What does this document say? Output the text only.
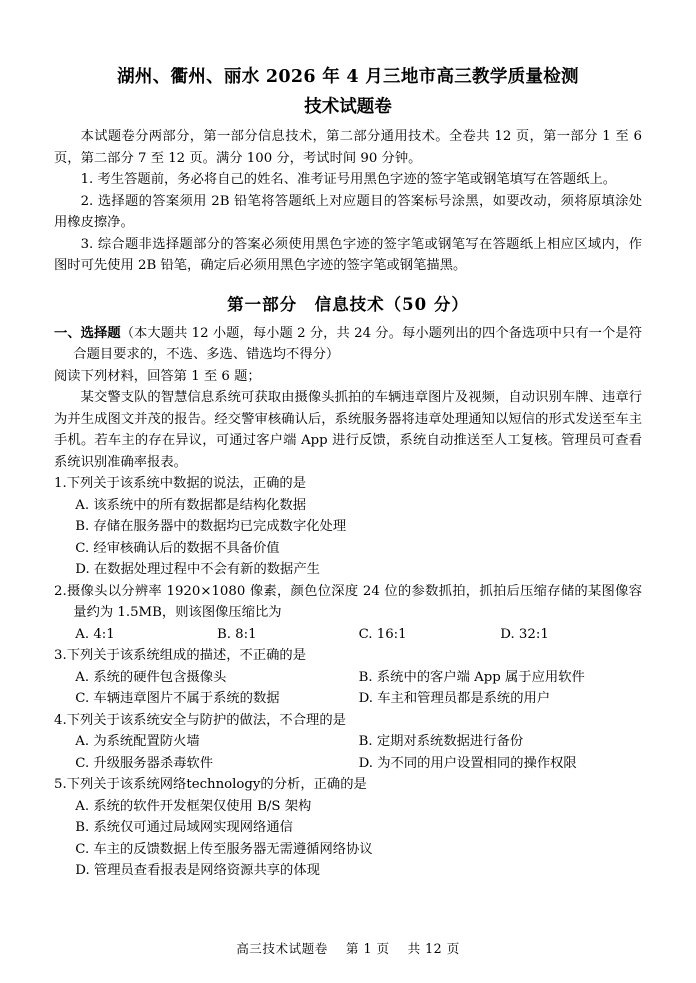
湖州、衢州、丽水 2026 年 4 月三地市高三教学质量检测
技术试题卷

本试题卷分两部分，第一部分信息技术，第二部分通用技术。全卷共 12 页，第一部分 1 至 6 页，第二部分 7 至 12 页。满分 100 分，考试时间 90 分钟。

1. 考生答题前，务必将自己的姓名、准考证号用黑色字迹的签字笔或钢笔填写在答题纸上。

2. 选择题的答案须用 2B 铅笔将答题纸上对应题目的答案标号涂黑，如要改动，须将原填涂处用橡皮擦净。

3. 综合题非选择题部分的答案必须使用黑色字迹的签字笔或钢笔写在答题纸上相应区域内，作图时可先使用 2B 铅笔，确定后必须用黑色字迹的签字笔或钢笔描黑。

第一部分　信息技术（50 分）

一、选择题（本大题共 12 小题，每小题 2 分，共 24 分。每小题列出的四个备选项中只有一个是符合题目要求的，不选、多选、错选均不得分）

阅读下列材料，回答第 1 至 6 题；

某交警支队的智慧信息系统可获取由摄像头抓拍的车辆违章图片及视频，自动识别车牌、违章行为并生成图文并茂的报告。经交警审核确认后，系统服务器将违章处理通知以短信的形式发送至车主手机。若车主的存在异议，可通过客户端 App 进行反馈，系统自动推送至人工复核。管理员可查看系统识别准确率报表。

1.下列关于该系统中数据的说法，正确的是

A. 该系统中的所有数据都是结构化数据
B. 存储在服务器中的数据均已完成数字化处理
C. 经审核确认后的数据不具备价值
D. 在数据处理过程中不会有新的数据产生

2.摄像头以分辨率 1920×1080 像素，颜色位深度 24 位的参数抓拍，抓拍后压缩存储的某图像容量约为 1.5MB，则该图像压缩比为

A. 4:1	B. 8:1	C. 16:1	D. 32:1

3.下列关于该系统组成的描述，不正确的是

A. 系统的硬件包含摄像头	B. 系统中的客户端 App 属于应用软件
C. 车辆违章图片不属于系统的数据	D. 车主和管理员都是系统的用户

4.下列关于该系统安全与防护的做法，不合理的是

A. 为系统配置防火墙	B. 定期对系统数据进行备份
C. 升级服务器杀毒软件	D. 为不同的用户设置相同的操作权限

5.下列关于该系统网络technology的分析，正确的是

A. 系统的软件开发框架仅使用 B/S 架构
B. 系统仅可通过局域网实现网络通信
C. 车主的反馈数据上传至服务器无需遵循网络协议
D. 管理员查看报表是网络资源共享的体现
高三技术试题卷 第 1 页 共 12 页
